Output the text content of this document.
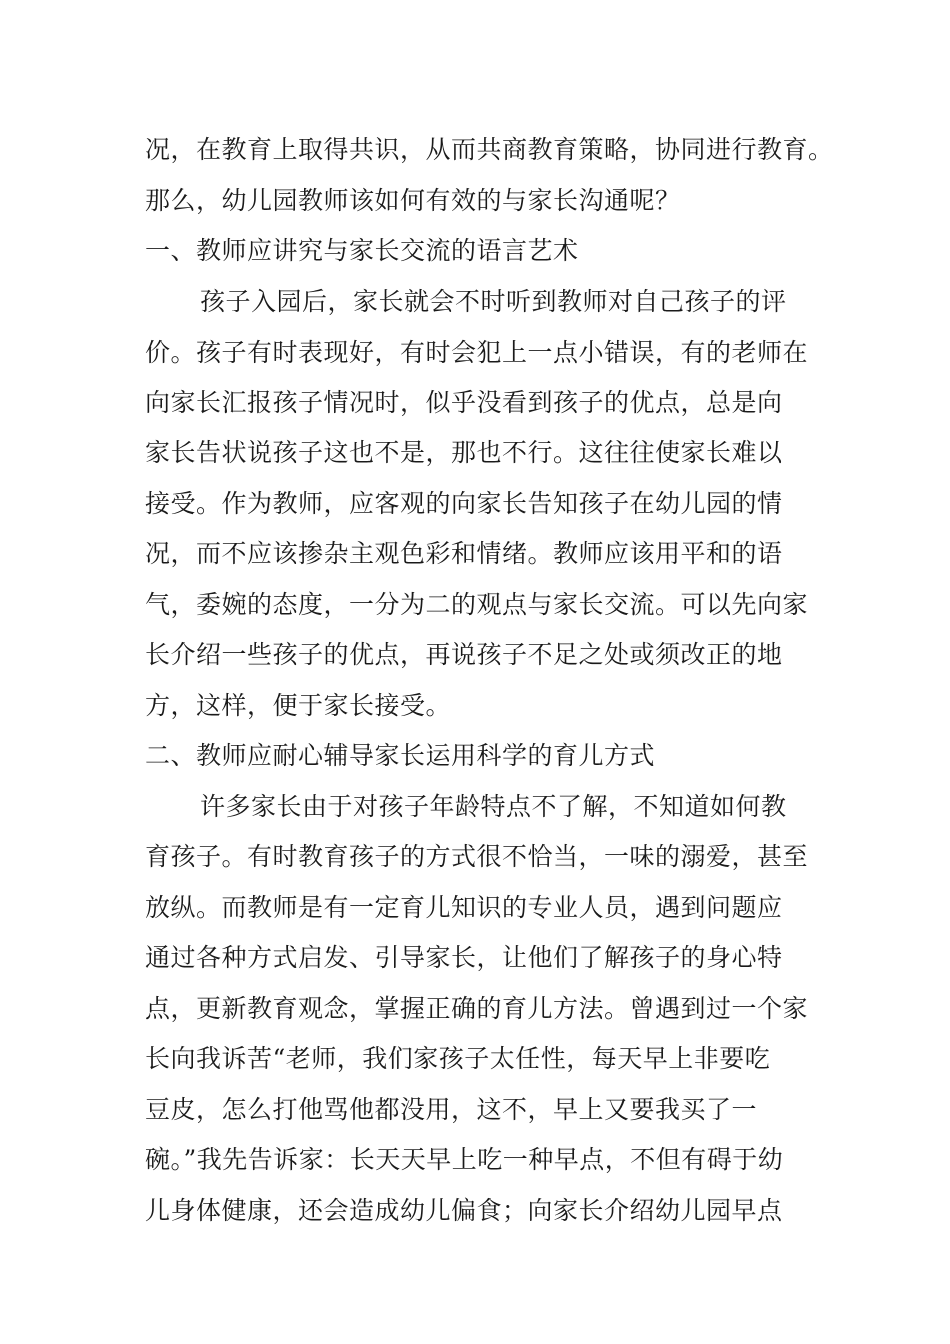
况，在教育上取得共识，从而共商教育策略，协同进行教育。
那么，幼儿园教师该如何有效的与家长沟通呢？
一、教师应讲究与家长交流的语言艺术
孩子入园后，家长就会不时听到教师对自己孩子的评
价。孩子有时表现好，有时会犯上一点小错误，有的老师在
向家长汇报孩子情况时，似乎没看到孩子的优点，总是向
家长告状说孩子这也不是，那也不行。这往往使家长难以
接受。作为教师，应客观的向家长告知孩子在幼儿园的情
况，而不应该掺杂主观色彩和情绪。教师应该用平和的语
气，委婉的态度，一分为二的观点与家长交流。可以先向家
长介绍一些孩子的优点，再说孩子不足之处或须改正的地
方，这样，便于家长接受。
二、教师应耐心辅导家长运用科学的育儿方式
许多家长由于对孩子年龄特点不了解，不知道如何教
育孩子。有时教育孩子的方式很不恰当，一味的溺爱，甚至
放纵。而教师是有一定育儿知识的专业人员，遇到问题应
通过各种方式启发、引导家长，让他们了解孩子的身心特
点，更新教育观念，掌握正确的育儿方法。曾遇到过一个家
长向我诉苦“老师，我们家孩子太任性，每天早上非要吃
豆皮，怎么打他骂他都没用，这不，早上又要我买了一
碗。”我先告诉家：长天天早上吃一种早点，不但有碍于幼
儿身体健康，还会造成幼儿偏食；向家长介绍幼儿园早点
